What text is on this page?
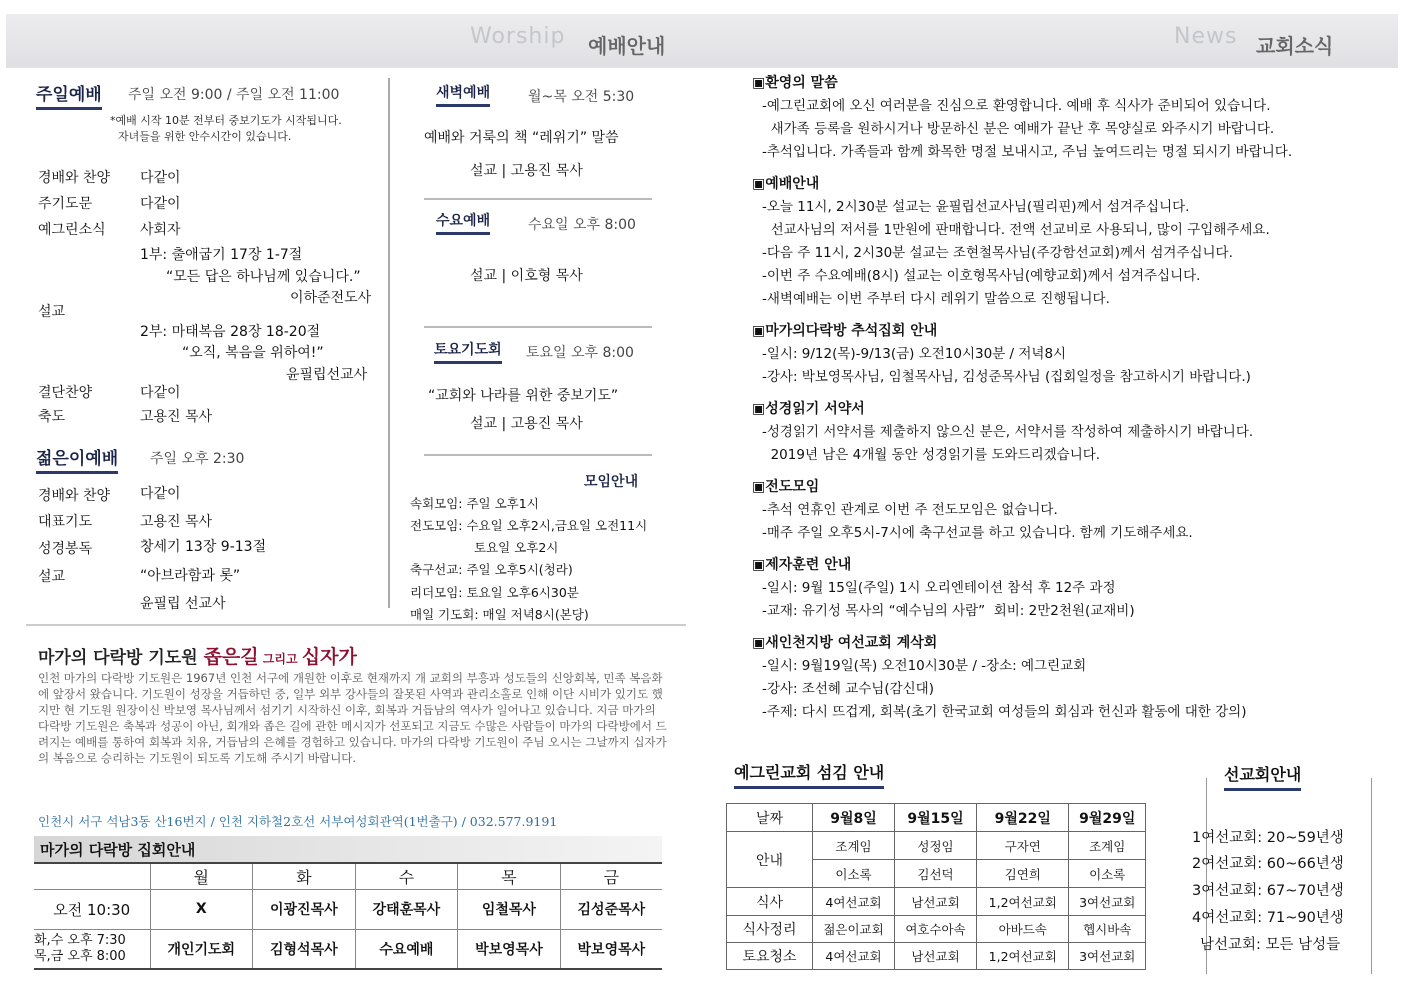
Worship 예배안내	News 교회소식
주일예배 주일 오전 9:00 / 주일 오전 11:00
*예배 시작 10분 전부터 중보기도가 시작됩니다.
자녀들을 위한 안수시간이 있습니다.
경배와 찬양 다같이
주기도문	다같이
예그린소식 사회자
1부: 출애굽기 17장 1-7절
“모든 답은 하나님께 있습니다.”
이하준전도사
설교
2부: 마태복음 28장 18-20절
“오직, 복음을 위하여!”
윤필립선교사
결단찬양	다같이
축도	고용진 목사
젊은이예배 주일 오후 2:30
경배와 찬양 다같이
대표기도	고용진 목사
성경봉독	창세기 13장 9-13절
설교	“아브라함과 롯”
윤필립 선교사
새벽예배	월~목 오전 5:30
예배와 거룩의 책 “레위기” 말씀
설교 | 고용진 목사
수요예배	수요일 오후 8:00
설교 | 이호형 목사
토요기도회 토요일 오후 8:00
“교회와 나라를 위한 중보기도”
설교 | 고용진 목사
모임안내
속회모임: 주일 오후1시
전도모임: 수요일 오후2시,금요일 오전11시
토요일 오후2시
축구선교: 주일 오후5시(청라)
리더모임: 토요일 오후6시30분
매일 기도회: 매일 저녁8시(본당)
마가의 다락방 기도원 좁은길 그리고 십자가
인천 마가의 다락방 기도원은 1967년 인천 서구에 개원한 이후로 현재까지 개 교회의 부흥과 성도들의 신앙회복, 민족 복음화에 앞장서 왔습니다. 기도원이 성장을 거듭하던 중, 일부 외부 강사들의 잘못된 사역과 관리소홀로 인해 이단 시비가 있기도 했지만 현 기도원 원장이신 박보영 목사님께서 섬기기 시작하신 이후, 회복과 거듭남의 역사가 일어나고 있습니다. 지금 마가의 다락방 기도원은 축복과 성공이 아닌, 회개와 좁은 길에 관한 메시지가 선포되고 지금도 수많은 사람들이 마가의 다락방에서 드려지는 예배를 통하여 회복과 치유, 거듭남의 은혜를 경험하고 있습니다. 마가의 다락방 기도원이 주님 오시는 그날까지 십자가의 복음으로 승리하는 기도원이 되도록 기도해 주시기 바랍니다.
인천시 서구 석남3동 산16번지 / 인천 지하철2호선 서부여성회관역(1번출구) / 032.577.9191
마가의 다락방 집회안내
	월	화	수	목	금
오전 10:30	X	이광진목사	강태훈목사	임철목사	김성준목사

화,수 오후 7:30
목,금 오후 8:00	개인기도회	김형석목사	수요예배	박보영목사	박보영목사
▣환영의 말씀
-예그린교회에 오신 여러분을 진심으로 환영합니다. 예배 후 식사가 준비되어 있습니다.
새가족 등록을 원하시거나 방문하신 분은 예배가 끝난 후 목양실로 와주시기 바랍니다.
-추석입니다. 가족들과 함께 화목한 명절 보내시고, 주님 높여드리는 명절 되시기 바랍니다.
▣예배안내
-오늘 11시, 2시30분 설교는 윤필립선교사님(필리핀)께서 섬겨주십니다.
선교사님의 저서를 1만원에 판매합니다. 전액 선교비로 사용되니, 많이 구입해주세요.
-다음 주 11시, 2시30분 설교는 조현철목사님(주강함선교회)께서 섬겨주십니다.
-이번 주 수요예배(8시) 설교는 이호형목사님(예향교회)께서 섬겨주십니다.
-새벽예배는 이번 주부터 다시 레위기 말씀으로 진행됩니다.
▣마가의다락방 추석집회 안내
-일시: 9/12(목)-9/13(금) 오전10시30분 / 저녁8시
-강사: 박보영목사님, 임철목사님, 김성준목사님 (집회일정을 참고하시기 바랍니다.)
▣성경읽기 서약서
-성경읽기 서약서를 제출하지 않으신 분은, 서약서를 작성하여 제출하시기 바랍니다.
2019년 남은 4개월 동안 성경읽기를 도와드리겠습니다.
▣전도모임
-추석 연휴인 관계로 이번 주 전도모임은 없습니다.
-매주 주일 오후5시-7시에 축구선교를 하고 있습니다. 함께 기도해주세요.
▣제자훈련 안내
-일시: 9월 15일(주일) 1시 오리엔테이션 참석 후 12주 과정
-교재: 유기성 목사의 “예수님의 사람”  회비: 2만2천원(교재비)
▣새인천지방 여선교회 계삭회
-일시: 9월19일(목) 오전10시30분 / -장소: 예그린교회
-강사: 조선혜 교수님(감신대)
-주제: 다시 뜨겁게, 회복(초기 한국교회 여성들의 회심과 헌신과 활동에 대한 강의)
예그린교회 섬김 안내
날짜	9월8일	9월15일	9월22일	9월29일
안내	조계임	성정임	구자연	조계임
	이소록	김선덕	김연희	이소록
식사	4여선교회	남선교회	1,2여선교회	3여선교회
식사정리	젊은이교회	여호수아속	아바드속	헵시바속
토요청소	4여선교회	남선교회	1,2여선교회	3여선교회
선교회안내
1여선교회: 20~59년생
2여선교회: 60~66년생
3여선교회: 67~70년생
4여선교회: 71~90년생
남선교회: 모든 남성들
